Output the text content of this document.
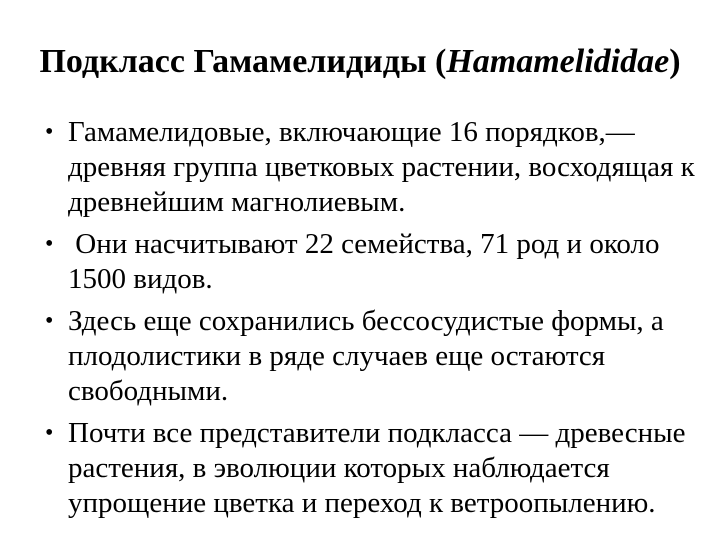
Подкласс Гамамелидиды (Hamamelididae)
• Гамамелидовые, включающие 16 порядков,—
древняя группа цветковых растении, восходящая к
древнейшим магнолиевым.
• Они насчитывают 22 семейства, 71 род и около
1500 видов.
• Здесь еще сохранились бессосудистые формы, а
плодолистики в ряде случаев еще остаются
свободными.
• Почти все представители подкласса — древесные
растения, в эволюции которых наблюдается
упрощение цветка и переход к ветроопылению.
